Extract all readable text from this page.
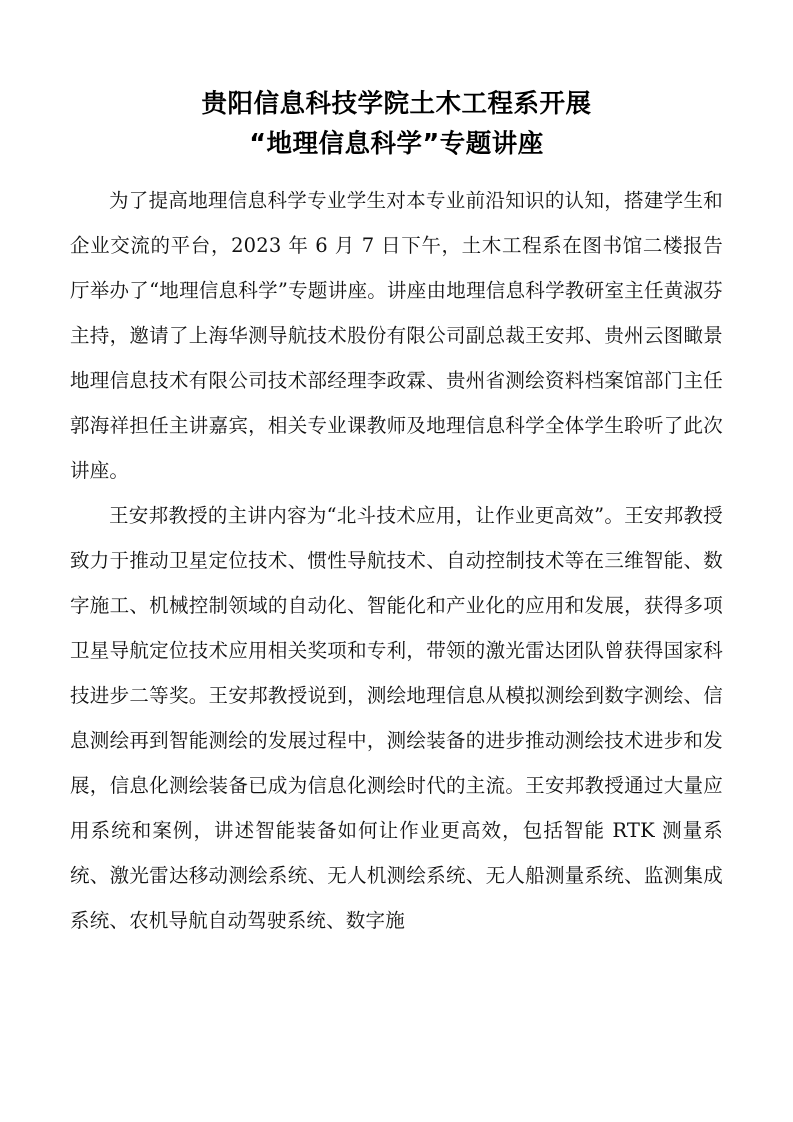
贵阳信息科技学院土木工程系开展
“地理信息科学”专题讲座

为了提高地理信息科学专业学生对本专业前沿知识的认知，搭建学生和企业交流的平台，2023 年 6 月 7 日下午，土木工程系在图书馆二楼报告厅举办了“地理信息科学”专题讲座。讲座由地理信息科学教研室主任黄淑芬主持，邀请了上海华测导航技术股份有限公司副总裁王安邦、贵州云图瞰景地理信息技术有限公司技术部经理李政霖、贵州省测绘资料档案馆部门主任郭海祥担任主讲嘉宾，相关专业课教师及地理信息科学全体学生聆听了此次讲座。

王安邦教授的主讲内容为“北斗技术应用，让作业更高效”。王安邦教授致力于推动卫星定位技术、惯性导航技术、自动控制技术等在三维智能、数字施工、机械控制领域的自动化、智能化和产业化的应用和发展，获得多项卫星导航定位技术应用相关奖项和专利，带领的激光雷达团队曾获得国家科技进步二等奖。王安邦教授说到，测绘地理信息从模拟测绘到数字测绘、信息测绘再到智能测绘的发展过程中，测绘装备的进步推动测绘技术进步和发展，信息化测绘装备已成为信息化测绘时代的主流。王安邦教授通过大量应用系统和案例，讲述智能装备如何让作业更高效，包括智能 RTK 测量系统、激光雷达移动测绘系统、无人机测绘系统、无人船测量系统、监测集成系统、农机导航自动驾驶系统、数字施
